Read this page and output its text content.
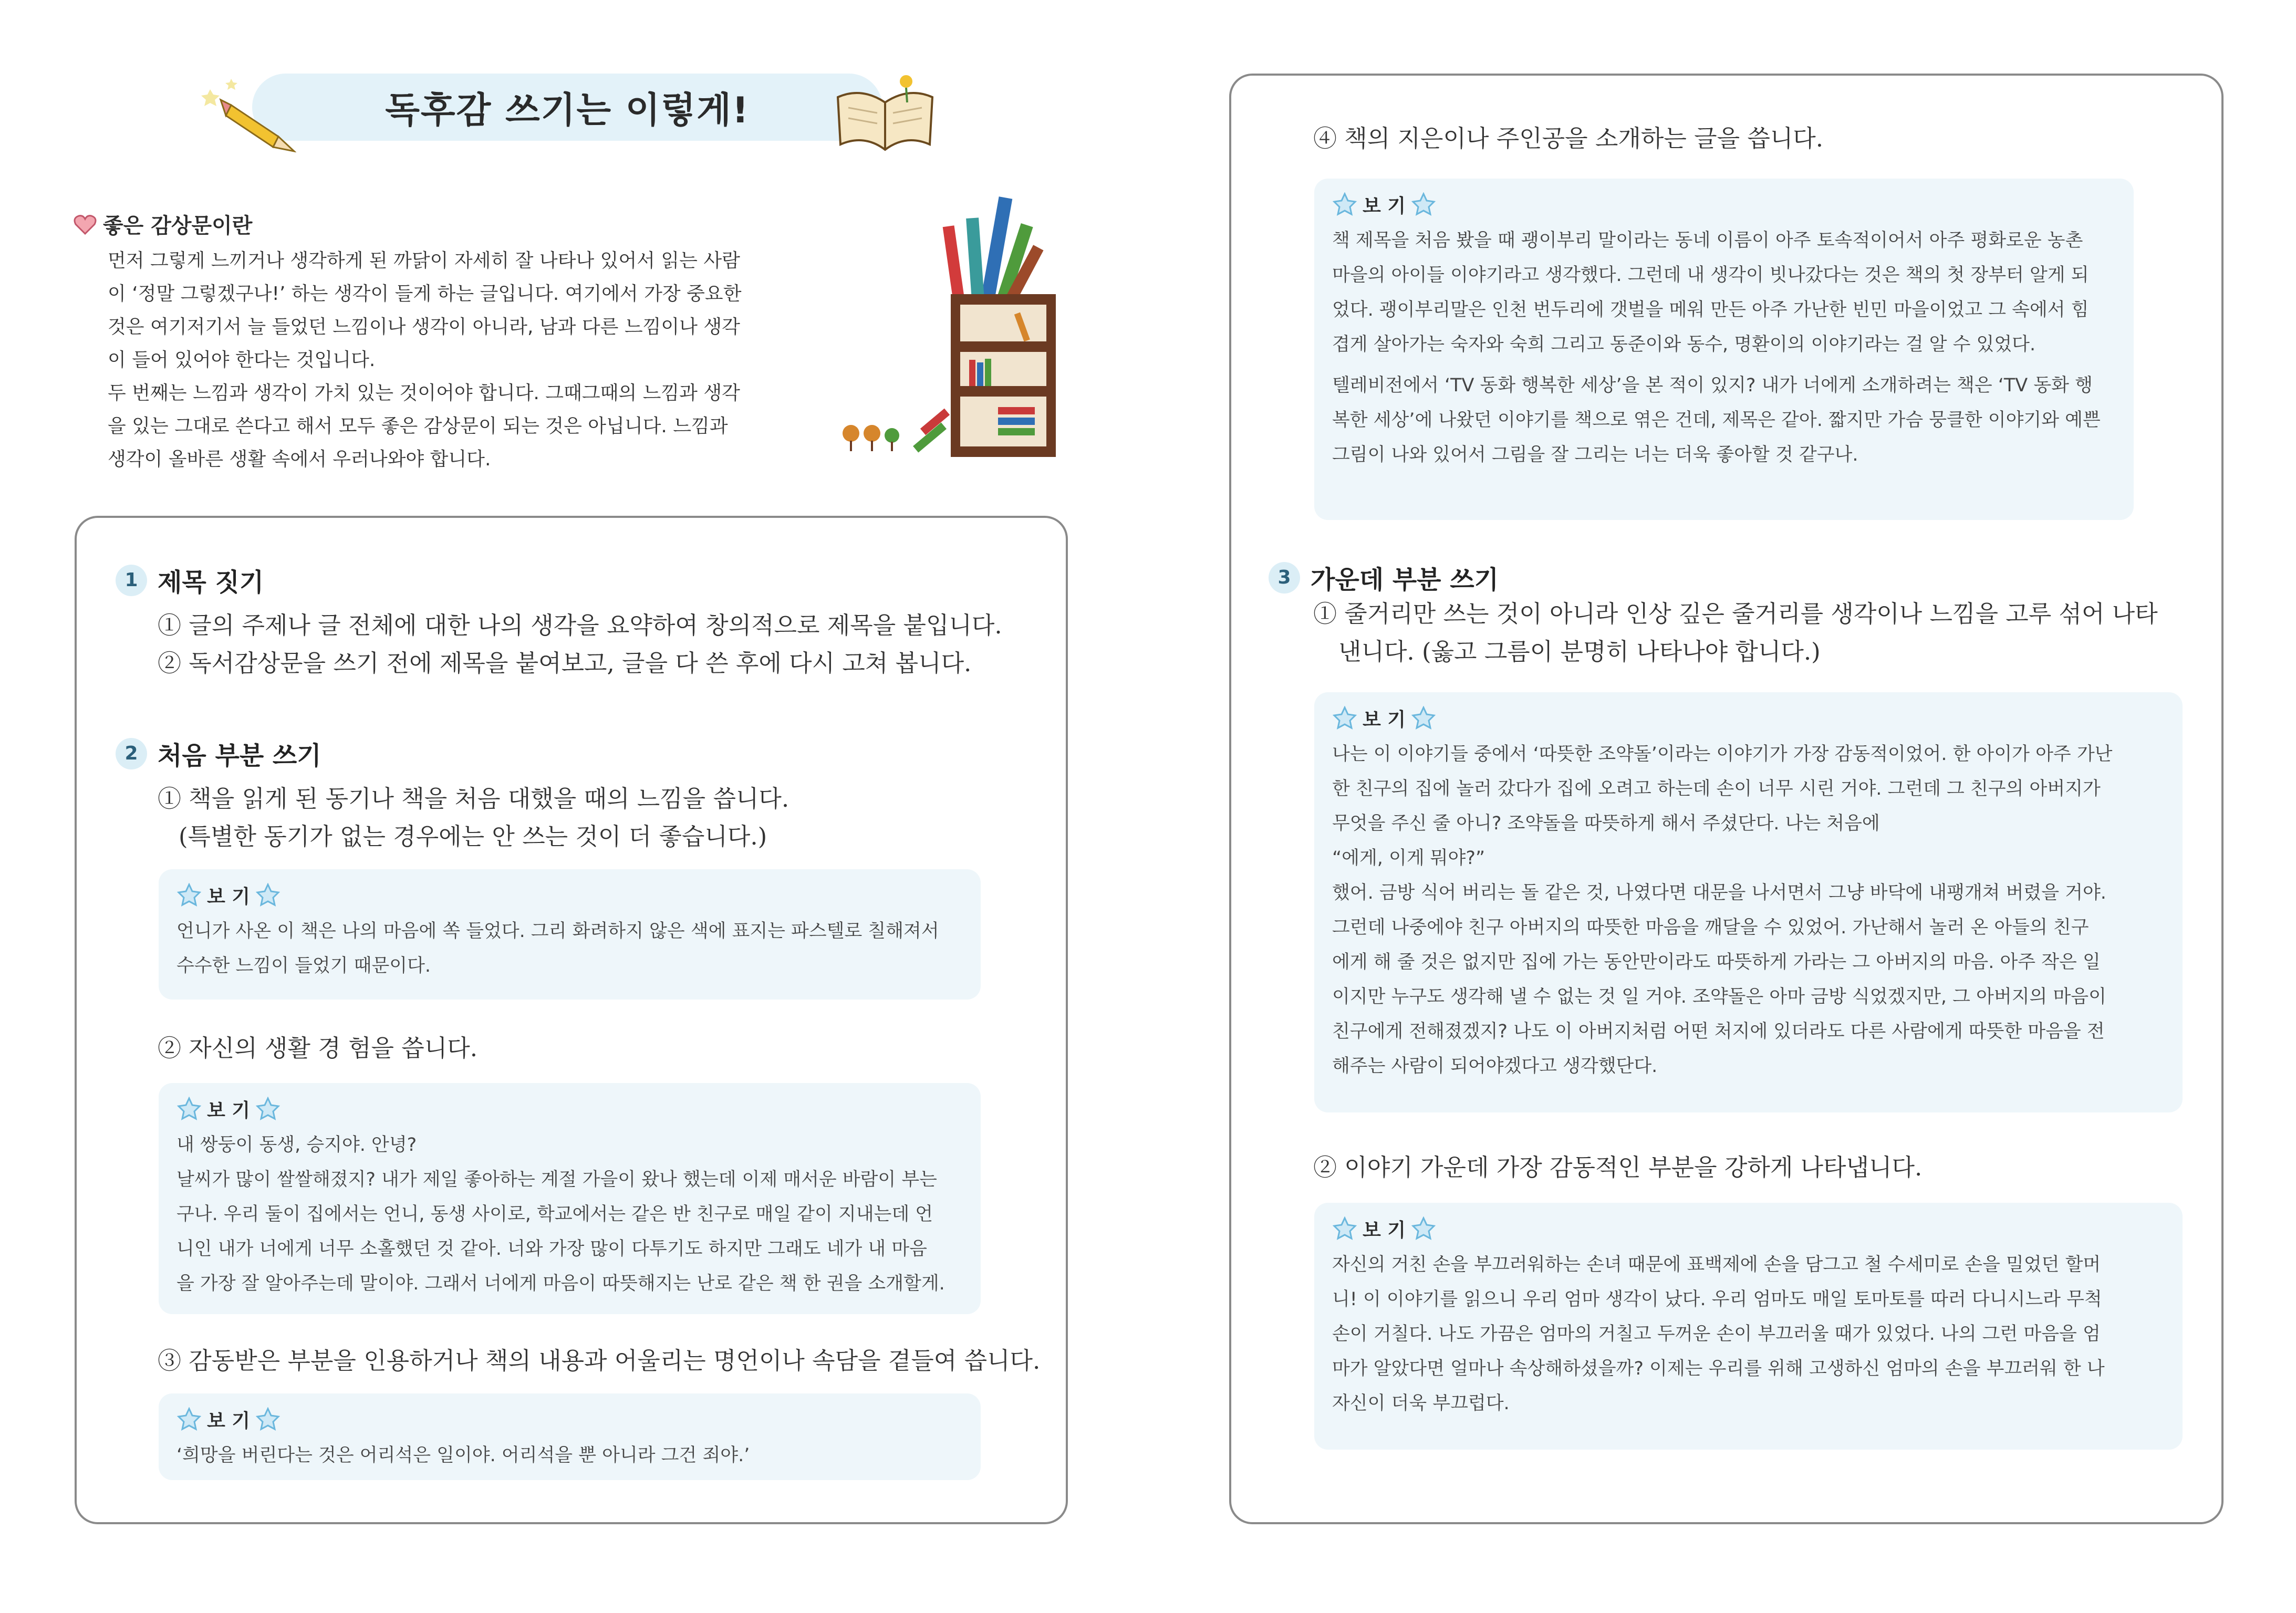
독후감 쓰기는 이렇게!
좋은 감상문이란

먼저 그렇게 느끼거나 생각하게 된 까닭이 자세히 잘 나타나 있어서 읽는 사람

이 ‘정말 그렇겠구나!’ 하는 생각이 들게 하는 글입니다. 여기에서 가장 중요한

것은 여기저기서 늘 들었던 느낌이나 생각이 아니라, 남과 다른 느낌이나 생각

이 들어 있어야 한다는 것입니다.

두 번째는 느낌과 생각이 가치 있는 것이어야 합니다. 그때그때의 느낌과 생각

을 있는 그대로 쓴다고 해서 모두 좋은 감상문이 되는 것은 아닙니다. 느낌과

생각이 올바른 생활 속에서 우러나와야 합니다.

1 제목 짓기

① 글의 주제나 글 전체에 대한 나의 생각을 요약하여 창의적으로 제목을 붙입니다.

② 독서감상문을 쓰기 전에 제목을 붙여보고, 글을 다 쓴 후에 다시 고쳐 봅니다.

2 처음 부분 쓰기

① 책을 읽게 된 동기나 책을 처음 대했을 때의 느낌을 씁니다.

(특별한 동기가 없는 경우에는 안 쓰는 것이 더 좋습니다.)

보 기

언니가 사온 이 책은 나의 마음에 쏙 들었다. 그리 화려하지 않은 색에 표지는 파스텔로 칠해져서

수수한 느낌이 들었기 때문이다.

② 자신의 생활 경 험을 씁니다.

보 기

내 쌍둥이 동생, 승지야. 안녕?

날씨가 많이 쌀쌀해졌지? 내가 제일 좋아하는 계절 가을이 왔나 했는데 이제 매서운 바람이 부는

구나. 우리 둘이 집에서는 언니, 동생 사이로, 학교에서는 같은 반 친구로 매일 같이 지내는데 언

니인 내가 너에게 너무 소홀했던 것 같아. 너와 가장 많이 다투기도 하지만 그래도 네가 내 마음

을 가장 잘 알아주는데 말이야. 그래서 너에게 마음이 따뜻해지는 난로 같은 책 한 권을 소개할게.

③ 감동받은 부분을 인용하거나 책의 내용과 어울리는 명언이나 속담을 곁들여 씁니다.

보 기

‘희망을 버린다는 것은 어리석은 일이야. 어리석을 뿐 아니라 그건 죄야.’

④ 책의 지은이나 주인공을 소개하는 글을 씁니다.

보 기

책 제목을 처음 봤을 때 괭이부리 말이라는 동네 이름이 아주 토속적이어서 아주 평화로운 농촌

마을의 아이들 이야기라고 생각했다. 그런데 내 생각이 빗나갔다는 것은 책의 첫 장부터 알게 되

었다. 괭이부리말은 인천 번두리에 갯벌을 메워 만든 아주 가난한 빈민 마을이었고 그 속에서 힘

겹게 살아가는 숙자와 숙희 그리고 동준이와 동수, 명환이의 이야기라는 걸 알 수 있었다.

텔레비전에서 ‘TV 동화 행복한 세상’을 본 적이 있지? 내가 너에게 소개하려는 책은 ‘TV 동화 행

복한 세상’에 나왔던 이야기를 책으로 엮은 건데, 제목은 같아. 짧지만 가슴 뭉클한 이야기와 예쁜

그림이 나와 있어서 그림을 잘 그리는 너는 더욱 좋아할 것 같구나.

3 가운데 부분 쓰기

① 줄거리만 쓰는 것이 아니라 인상 깊은 줄거리를 생각이나 느낌을 고루 섞어 나타

낸니다. (옳고 그름이 분명히 나타나야 합니다.)

보 기

나는 이 이야기들 중에서 ‘따뜻한 조약돌’이라는 이야기가 가장 감동적이었어. 한 아이가 아주 가난

한 친구의 집에 놀러 갔다가 집에 오려고 하는데 손이 너무 시린 거야. 그런데 그 친구의 아버지가

무엇을 주신 줄 아니? 조약돌을 따뜻하게 해서 주셨단다. 나는 처음에

“에게, 이게 뭐야?”

했어. 금방 식어 버리는 돌 같은 것, 나였다면 대문을 나서면서 그냥 바닥에 내팽개쳐 버렸을 거야.

그런데 나중에야 친구 아버지의 따뜻한 마음을 깨달을 수 있었어. 가난해서 놀러 온 아들의 친구

에게 해 줄 것은 없지만 집에 가는 동안만이라도 따뜻하게 가라는 그 아버지의 마음. 아주 작은 일

이지만 누구도 생각해 낼 수 없는 것 일 거야. 조약돌은 아마 금방 식었겠지만, 그 아버지의 마음이

친구에게 전해졌겠지? 나도 이 아버지처럼 어떤 처지에 있더라도 다른 사람에게 따뜻한 마음을 전

해주는 사람이 되어야겠다고 생각했단다.

② 이야기 가운데 가장 감동적인 부분을 강하게 나타냅니다.

보 기

자신의 거친 손을 부끄러워하는 손녀 때문에 표백제에 손을 담그고 철 수세미로 손을 밀었던 할머

니! 이 이야기를 읽으니 우리 엄마 생각이 났다. 우리 엄마도 매일 토마토를 따러 다니시느라 무척

손이 거칠다. 나도 가끔은 엄마의 거칠고 두꺼운 손이 부끄러울 때가 있었다. 나의 그런 마음을 엄

마가 알았다면 얼마나 속상해하셨을까? 이제는 우리를 위해 고생하신 엄마의 손을 부끄러워 한 나

자신이 더욱 부끄럽다.
